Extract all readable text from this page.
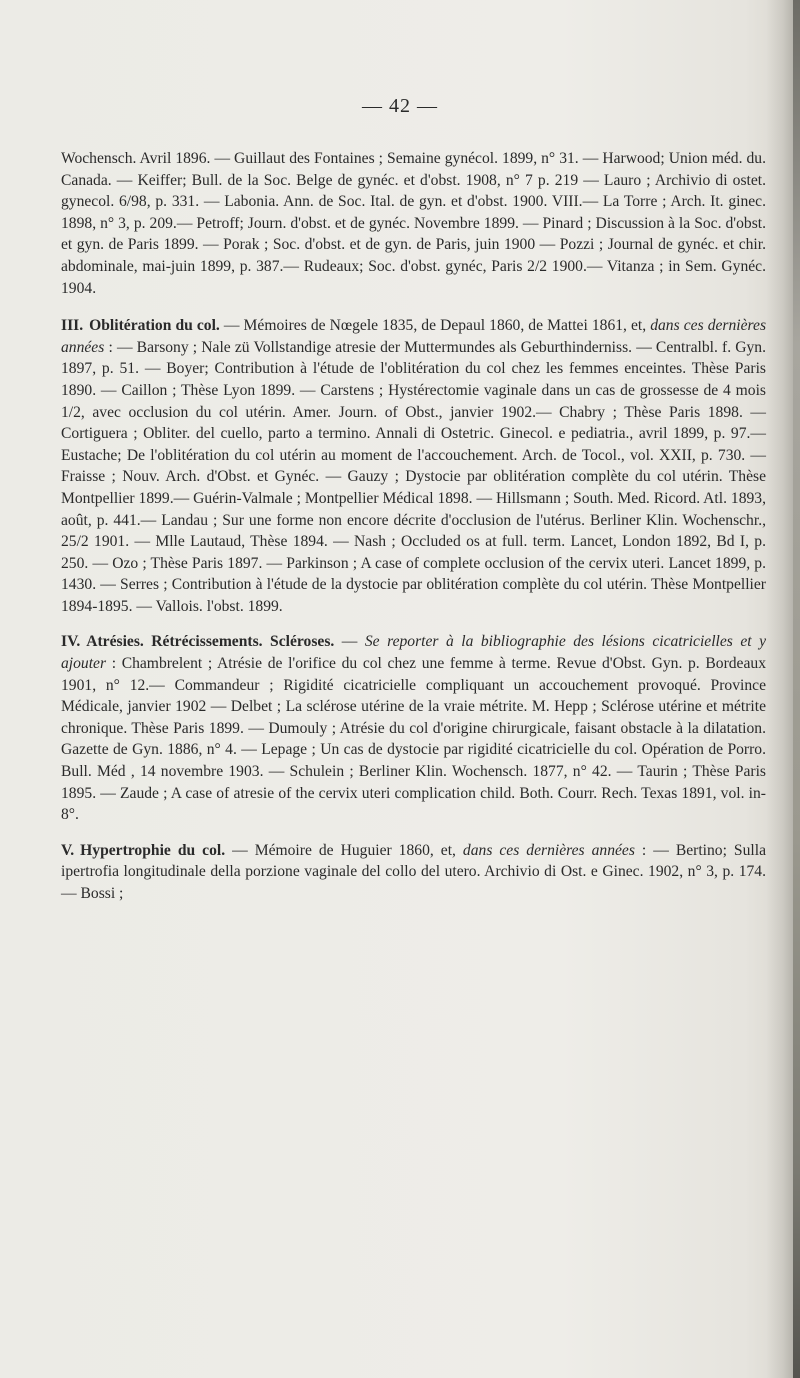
— 42 —

Wochensch. Avril 1896. — Guillaut des Fontaines ; Semaine gynécol. 1899, n° 31. — Harwood; Union méd. du. Canada. — Keiffer; Bull. de la Soc. Belge de gynéc. et d'obst. 1908, n° 7 p. 219 — Lauro ; Archivio di ostet. gynecol. 6/98, p. 331. — Labonia. Ann. de Soc. Ital. de gyn. et d'obst. 1900. VIII.— La Torre ; Arch. It. ginec. 1898, n° 3, p. 209.— Petroff; Journ. d'obst. et de gynéc. Novembre 1899. — Pinard ; Discussion à la Soc. d'obst. et gyn. de Paris 1899. — Porak ; Soc. d'obst. et de gyn. de Paris, juin 1900 — Pozzi ; Journal de gynéc. et chir. abdominale, mai-juin 1899, p. 387.— Rudeaux; Soc. d'obst. gynéc, Paris 2/2 1900.— Vitanza ; in Sem. Gynéc. 1904.

III. Oblitération du col. — Mémoires de Nœgele 1835, de Depaul 1860, de Mattei 1861, et, dans ces dernières années : — Barsony ; Nale zü Vollstandige atresie der Muttermundes als Geburthinderniss. — Centralbl. f. Gyn. 1897, p. 51. — Boyer; Contribution à l'étude de l'oblitération du col chez les femmes enceintes. Thèse Paris 1890. — Caillon ; Thèse Lyon 1899. — Carstens ; Hystérectomie vaginale dans un cas de grossesse de 4 mois 1/2, avec occlusion du col utérin. Amer. Journ. of Obst., janvier 1902.— Chabry ; Thèse Paris 1898. — Cortiguera ; Obliter. del cuello, parto a termino. Annali di Ostetric. Ginecol. e pediatria., avril 1899, p. 97.— Eustache; De l'oblitération du col utérin au moment de l'accouchement. Arch. de Tocol., vol. XXII, p. 730. — Fraisse ; Nouv. Arch. d'Obst. et Gynéc. — Gauzy ; Dystocie par oblitération complète du col utérin. Thèse Montpellier 1899.— Guérin-Valmale ; Montpellier Médical 1898. — Hillsmann ; South. Med. Ricord. Atl. 1893, août, p. 441.— Landau ; Sur une forme non encore décrite d'occlusion de l'utérus. Berliner Klin. Wochenschr., 25/2 1901. — Mlle Lautaud, Thèse 1894. — Nash ; Occluded os at full. term. Lancet, London 1892, Bd I, p. 250. — Ozo ; Thèse Paris 1897. — Parkinson ; A case of complete occlusion of the cervix uteri. Lancet 1899, p. 1430. — Serres ; Contribution à l'étude de la dystocie par oblitération complète du col utérin. Thèse Montpellier 1894-1895. — Vallois. l'obst. 1899.

IV. Atrésies. Rétrécissements. Scléroses. — Se reporter à la bibliographie des lésions cicatricielles et y ajouter : Chambrelent ; Atrésie de l'orifice du col chez une femme à terme. Revue d'Obst. Gyn. p. Bordeaux 1901, n° 12.— Commandeur ; Rigidité cicatricielle compliquant un accouchement provoqué. Province Médicale, janvier 1902 — Delbet ; La sclérose utérine de la vraie métrite. M. Hepp ; Sclérose utérine et métrite chronique. Thèse Paris 1899. — Dumouly ; Atrésie du col d'origine chirurgicale, faisant obstacle à la dilatation. Gazette de Gyn. 1886, n° 4. — Lepage ; Un cas de dystocie par rigidité cicatricielle du col. Opération de Porro. Bull. Méd , 14 novembre 1903. — Schulein ; Berliner Klin. Wochensch. 1877, n° 42. — Taurin ; Thèse Paris 1895. — Zaude ; A case of atresie of the cervix uteri complication child. Both. Courr. Rech. Texas 1891, vol. in-8°.

V. Hypertrophie du col. — Mémoire de Huguier 1860, et, dans ces dernières années : — Bertino; Sulla ipertrofia longitudinale della porzione vaginale del collo del utero. Archivio di Ost. e Ginec. 1902, n° 3, p. 174. — Bossi ;
